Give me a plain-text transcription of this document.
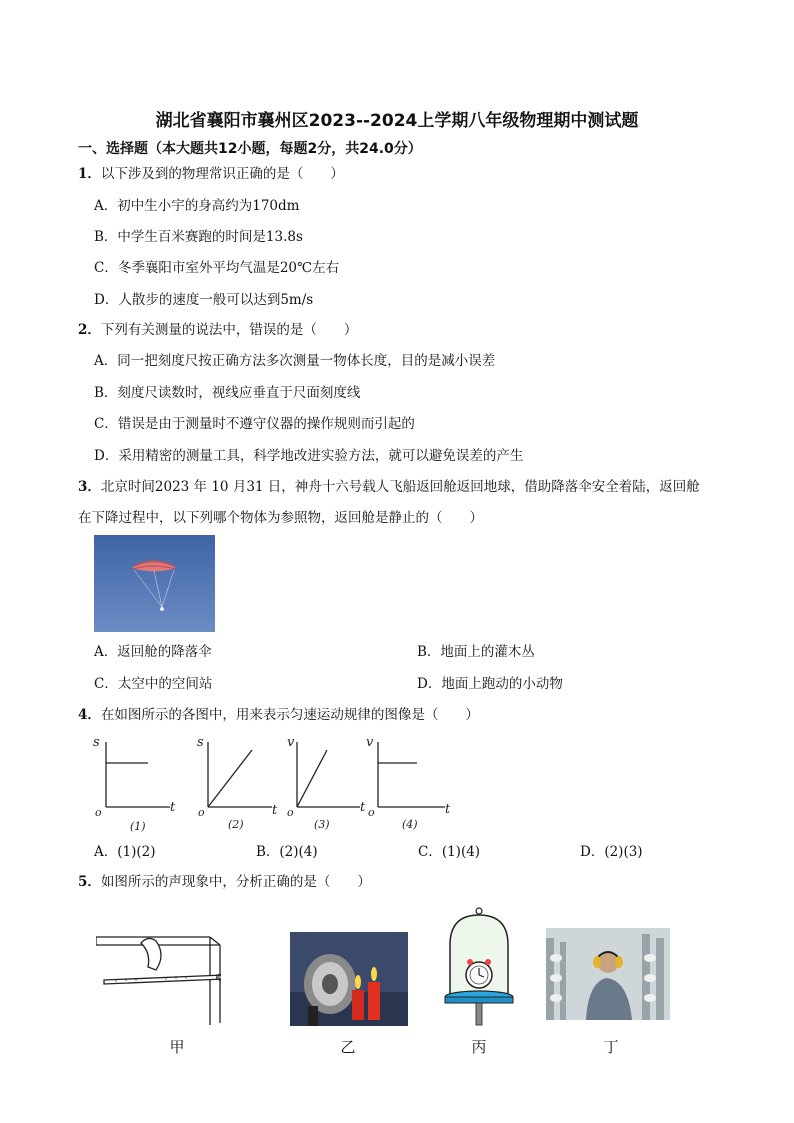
湖北省襄阳市襄州区2023--2024上学期八年级物理期中测试题
一、选择题（本大题共12小题，每题2分，共24.0分）
1．以下涉及到的物理常识正确的是（　　）
A．初中生小宇的身高约为170dm
B．中学生百米赛跑的时间是13.8s
C．冬季襄阳市室外平均气温是20℃左右
D．人散步的速度一般可以达到5m/s
2．下列有关测量的说法中，错误的是（　　）
A．同一把刻度尺按正确方法多次测量一物体长度，目的是减小误差
B．刻度尺读数时，视线应垂直于尺面刻度线
C．错误是由于测量时不遵守仪器的操作规则而引起的
D．采用精密的测量工具，科学地改进实验方法，就可以避免误差的产生
3．北京时间2023 年 10 月31 日，神舟十六号载人飞船返回舱返回地球，借助降落伞安全着陆，返回舱
在下降过程中，以下列哪个物体为参照物，返回舱是静止的（　　）
A．返回舱的降落伞	B．地面上的灌木丛
C．太空中的空间站	D．地面上跑动的小动物
4．在如图所示的各图中，用来表示匀速运动规律的图像是（　　）
s
t
o
(1)
s
t
o
(2)
v
t
o
(3)
v
t
o
(4)
A．(1)(2)	B．(2)(4)	C．(1)(4)	D．(2)(3)
5．如图所示的声现象中，分析正确的是（　　）
甲	乙	丙	丁
